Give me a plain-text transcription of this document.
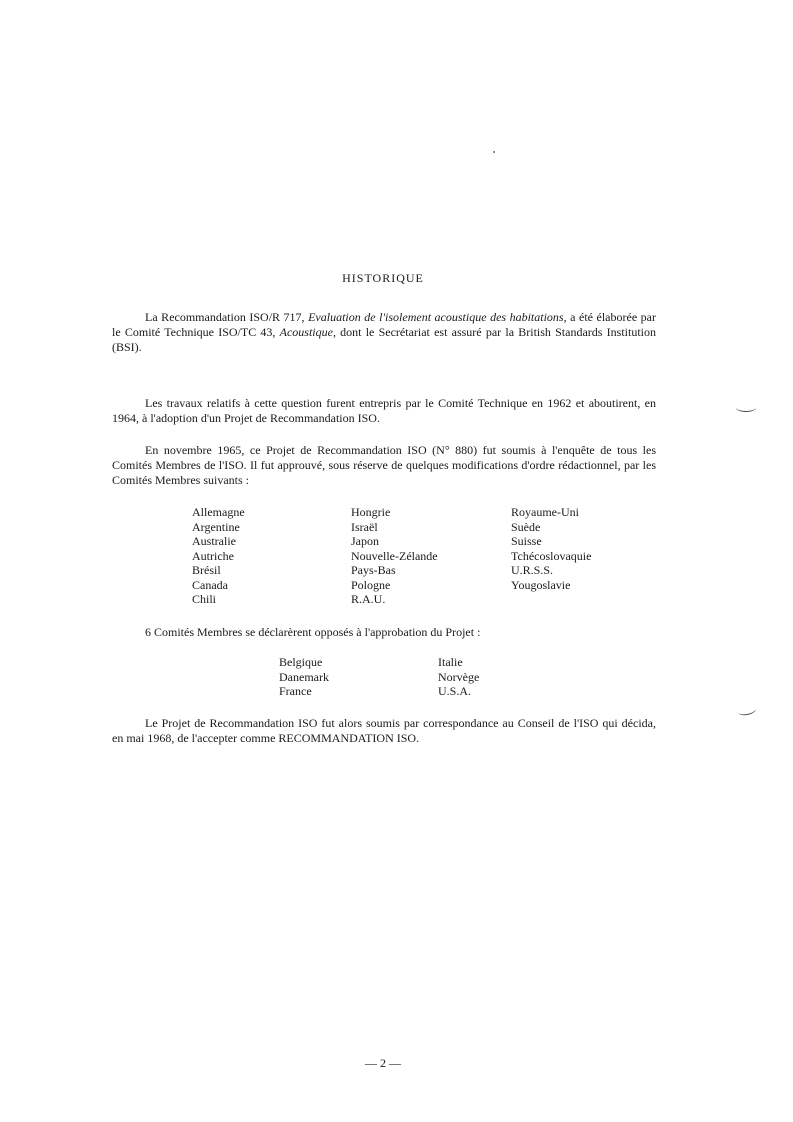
HISTORIQUE

La Recommandation ISO/R 717, Evaluation de l'isolement acoustique des habitations, a été élaborée par le Comité Technique ISO/TC 43, Acoustique, dont le Secrétariat est assuré par la British Standards Institution (BSI).

Les travaux relatifs à cette question furent entrepris par le Comité Technique en 1962 et aboutirent, en 1964, à l'adoption d'un Projet de Recommandation ISO.

En novembre 1965, ce Projet de Recommandation ISO (N° 880) fut soumis à l'enquête de tous les Comités Membres de l'ISO. Il fut approuvé, sous réserve de quelques modifications d'ordre rédactionnel, par les Comités Membres suivants :

Allemagne
Argentine
Australie
Autriche
Brésil
Canada
Chili
Hongrie
Israël
Japon
Nouvelle-Zélande
Pays-Bas
Pologne
R.A.U.
Royaume-Uni
Suède
Suisse
Tchécoslovaquie
U.R.S.S.
Yougoslavie

6 Comités Membres se déclarèrent opposés à l'approbation du Projet :

Belgique
Danemark
France
Italie
Norvège
U.S.A.

Le Projet de Recommandation ISO fut alors soumis par correspondance au Conseil de l'ISO qui décida, en mai 1968, de l'accepter comme RECOMMANDATION ISO.

— 2 —
